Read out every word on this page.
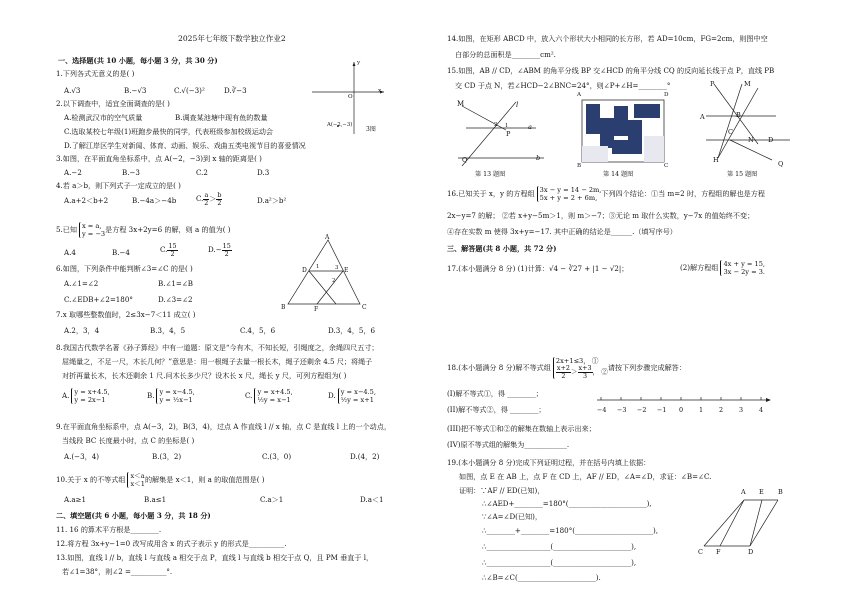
2025年七年级下数学独立作业2
一、选择题(共 10 小题，每小题 3 分，共 30 分)
1.下列各式无意义的是( )
A.√3	B.−√3	C.√(−3)²	D.∛−3	x
y
O
A(−2,−3)
3图
2.以下调查中，适宜全面调查的是( )
A.检测武汉市的空气质量	B.调查某池塘中现有鱼的数量
C.选取某校七年级(1)班跑步最快的同学，代表班级参加校级运动会
D.了解江岸区学生对新闻、体育、动画、娱乐、戏曲五类电视节目的喜爱情况
3.如图，在平面直角坐标系中，点 A(−2，−3)到 x 轴的距离是( )
A.−2	B.−3	C.2	D.3
4.若 a＞b，则下列式子一定成立的是( )
A.a+2＜b+2	B.−4a＞−4b	C. $\frac{a}{2} > \frac{b}{2}$	D.a²＞b²
5.已知 x = a,
y = −3 是方程 3x+2y=6 的解，则 a 的值为( )
A.4	B.−4	C. $\frac{15}{2}$	$D.- \frac{15}{2}$
6.如图，下列条件中能判断∠3=∠C 的是( )
A.∠1=∠2	B.∠1=∠B
C.∠EDB+∠2=180°	D.∠3=∠2
A
D	E
B	C
F
1	3
2
7.x 取哪些整数值时，2≤3x−7＜11 成立( )
A.2，3，4	B.3，4，5	C.4，5，6	D.3，4，5，6
8.我国古代数学名著《孙子算经》中有一道题：原文是“今有木，不知长短，引绳度之，余绳四尺五寸；
屈绳量之，不足一尺，木长几何？”意思是：用一根绳子去量一根长木，绳子还剩余 4.5 尺；将绳子
对折再量长木，长木还剩余 1 尺.问木长多少尺？设木长 x 尺，绳长 y 尺，可列方程组为( )
A. y = x+4.5,
y = 2x−1	B. y = x−4.5,
y = ½x−1	C. y = x+4.5,
½y = x−1	D. y = x−4.5,
½y = x+1
9.在平面直角坐标系中，点 A(−3，2)，B(3，4)，过点 A 作直线 l // x 轴，点 C 是直线 l 上的一个动点，
当线段 BC 长度最小时，点 C 的坐标是( )
A.(−3，4)	B.(3，2)	C.(3，0)	D.(4，2)
10.关于 x 的不等式组 x＜a
x＜1 的解集是 x＜1，则 a 的取值范围是( )
A.a≥1	B.a≤1	C.a＞1	D.a＜1
二、填空题(共 6 小题，每小题 3 分，共 18 分)
11. 16 的算术平方根是________.
12.将方程 3x+y−1=0 改写成用含 x 的式子表示 y 的形式是__________.
13.如图，直线 l // b，直线 l 与直线 a 相交于点 P，直线 l 与直线 b 相交于点 Q，且 PM 垂直于 l，
若∠1=38°，则∠2 =__________°.
14.如图，在矩形 ABCD 中，放入六个形状大小相同的长方形，若 AD=10cm，FG=2cm，则图中空
白部分的总面积是________cm².
15.如图，AB // CD，∠ABM 的角平分线 BP 交∠HCD 的角平分线 CQ 的反向延长线于点 P，直线 PB
交 CD 于点 N，若∠HCD−2∠BNC=24°，则∠P+∠H=________°
M	l
P
a
Q	b
2 1
第 13 题图
A	D
B	C
第 14 题图
P	M
A	B
C
N
H
D
Q
第 15 题图
16.已知关于 x，y 的方程组 3x − y = 14 − 2m,
5x + y = 2 + 6m, 下列四个结论：①当 m=2 时，方程组的解也是方程
2x−y=7 的解； ②若 x+y−5m＞1，则 m＞−7；③无论 m 取什么实数，y−7x 的值始终不变；
④存在实数 m 使得 3x+y=−17. 其中正确的结论是______.（填写序号）
三、解答题(共 8 小题，共 72 分)
17.(本小题满分 8 分) (1)计算：√4 − ∛27 + |1 − √2|；	(2)解方程组 4x + y = 15,
3x − 2y = 3.
18.(本小题满分 8 分)解不等式组
2x+1≤3， ①
$\frac{x+2}{2} > \frac{x+3}{3}$ ， ② 请按下列步骤完成解答：
(I)解不等式①，得 ________；
(II)解不等式②，得 ________；
(III)把不等式①和②的解集在数轴上表示出来；
(IV)原不等式组的解集为____________.
−4 −3 −2 −1 0 1 2 3 4
19.(本小题满分 8 分)完成下列证明过程，并在括号内填上依据：
如图，点 E 在 AB 上，点 F 在 CD 上，AF // ED，∠A=∠D，求证：∠B=∠C.
证明：∵AF // ED(已知)，
∴∠AED+________=180°(______________________),
∵∠A=∠D(已知)，
∴________+________=180°(______________________),
∴__________________(______________________),
∴__________________(______________________),
∴∠B=∠C(______________________).
A E B
C F	D
